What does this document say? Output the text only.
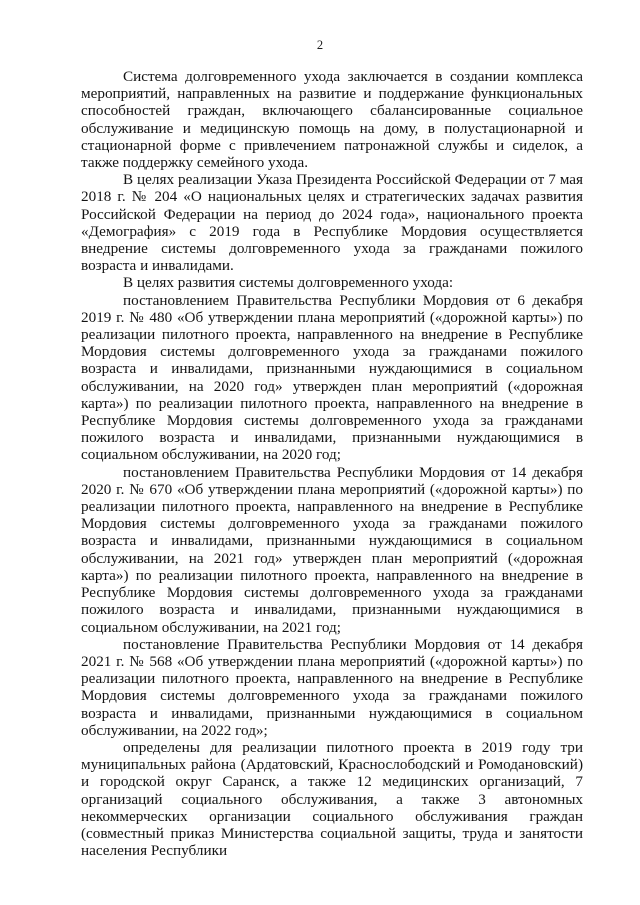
2

Система долговременного ухода заключается в создании комплекса мероприятий, направленных на развитие и поддержание функциональных способностей граждан, включающего сбалансированные социальное обслуживание и медицинскую помощь на дому, в полустационарной и стационарной форме с привлечением патронажной службы и сиделок, а также поддержку семейного ухода.

В целях реализации Указа Президента Российской Федерации от 7 мая 2018 г. № 204 «О национальных целях и стратегических задачах развития Российской Федерации на период до 2024 года», национального проекта «Демография» с 2019 года в Республике Мордовия осуществляется внедрение системы долговременного ухода за гражданами пожилого возраста и инвалидами.

В целях развития системы долговременного ухода:

постановлением Правительства Республики Мордовия от 6 декабря 2019 г. № 480 «Об утверждении плана мероприятий («дорожной карты») по реализации пилотного проекта, направленного на внедрение в Республике Мордовия системы долговременного ухода за гражданами пожилого возраста и инвалидами, признанными нуждающимися в социальном обслуживании, на 2020 год» утвержден план мероприятий («дорожная карта») по реализации пилотного проекта, направленного на внедрение в Республике Мордовия системы долговременного ухода за гражданами пожилого возраста и инвалидами, признанными нуждающимися в социальном обслуживании, на 2020 год;

постановлением Правительства Республики Мордовия от 14 декабря 2020 г. № 670 «Об утверждении плана мероприятий («дорожной карты») по реализации пилотного проекта, направленного на внедрение в Республике Мордовия системы долговременного ухода за гражданами пожилого возраста и инвалидами, признанными нуждающимися в социальном обслуживании, на 2021 год» утвержден план мероприятий («дорожная карта») по реализации пилотного проекта, направленного на внедрение в Республике Мордовия системы долговременного ухода за гражданами пожилого возраста и инвалидами, признанными нуждающимися в социальном обслуживании, на 2021 год;

постановление Правительства Республики Мордовия от 14 декабря 2021 г. № 568 «Об утверждении плана мероприятий («дорожной карты») по реализации пилотного проекта, направленного на внедрение в Республике Мордовия системы долговременного ухода за гражданами пожилого возраста и инвалидами, признанными нуждающимися в социальном обслуживании, на 2022 год»;

определены для реализации пилотного проекта в 2019 году три муниципальных района (Ардатовский, Краснослободский и Ромодановский) и городской округ Саранск, а также 12 медицинских организаций, 7 организаций социального обслуживания, а также 3 автономных некоммерческих организации социального обслуживания граждан (совместный приказ Министерства социальной защиты, труда и занятости населения Республики
